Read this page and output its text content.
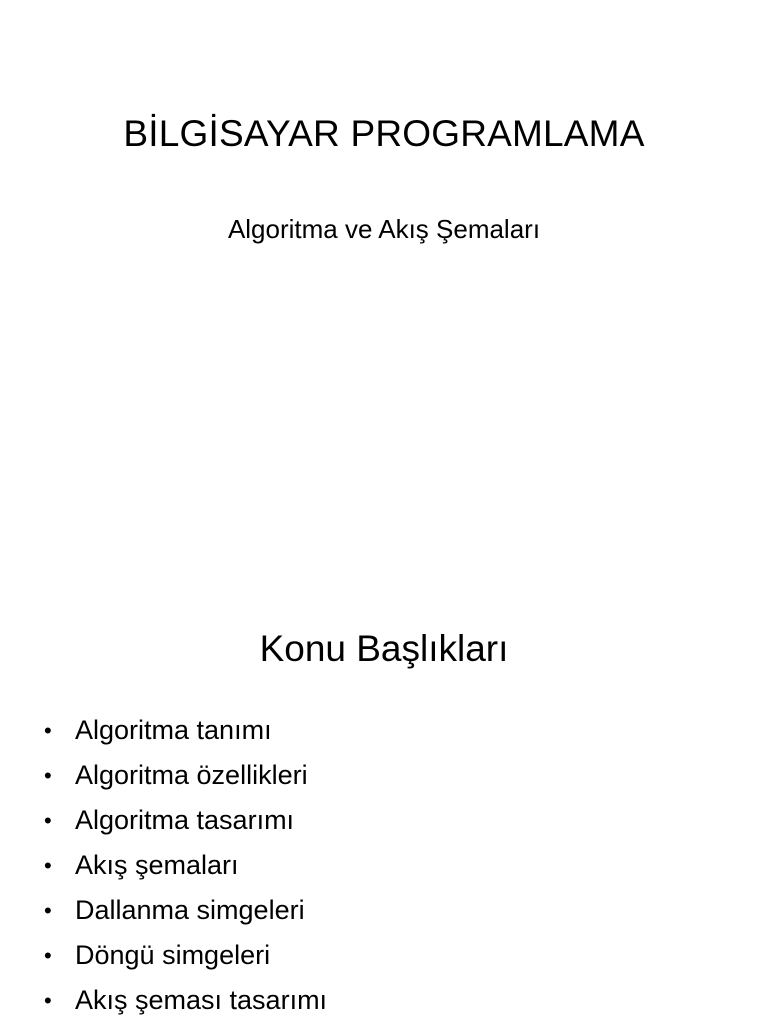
BİLGİSAYAR PROGRAMLAMA
Algoritma ve Akış Şemaları
Konu Başlıkları
• Algoritma tanımı
• Algoritma özellikleri
• Algoritma tasarımı
• Akış şemaları
• Dallanma simgeleri
• Döngü simgeleri
• Akış şeması tasarımı
